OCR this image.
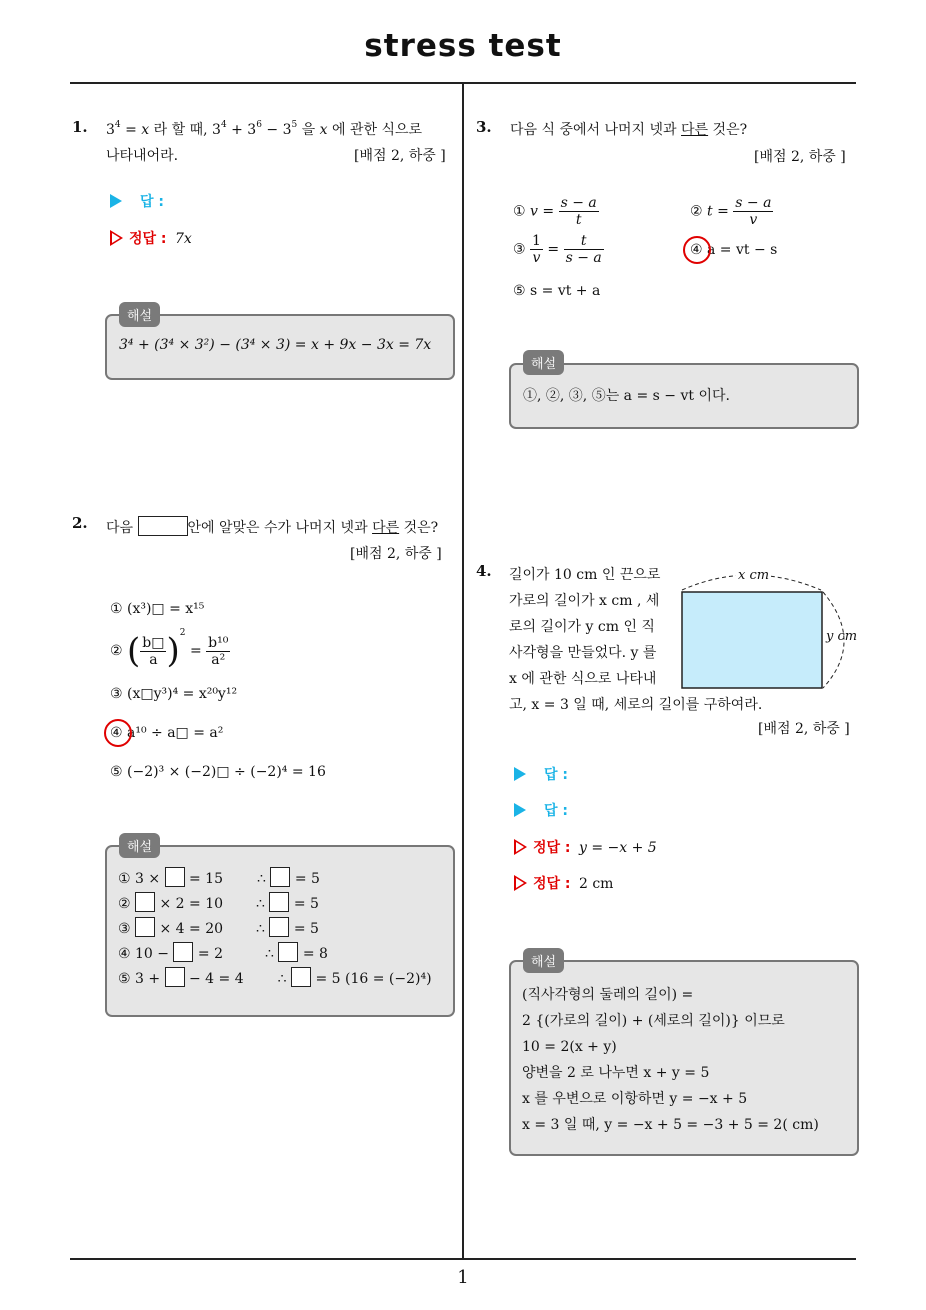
stress test
1
1. $3^4 = x$ 라 할 때, $3^4 + 3^6 - 3^5$ 을 x 에 관한 식으로
나타내어라.	[배점 2, 하중 ]
답 :
정답 : 7x
해설
3⁴ + (3⁴ × 3²) − (3⁴ × 3) = x + 9x − 3x = 7x
2. 다음	안에 알맞은 수가 나머지 넷과 다른 것은?
[배점 2, 하중 ]
① (x³)□ = x¹⁵
② ( $\frac{b□}{a} )^2 = \frac{\text{b¹⁰}}{\text{a²}}$
③ (x□y³)⁴ = x²⁰y¹²
④ a¹⁰ ÷ a□ = a²
⑤ (−2)³ × (−2)□ ÷ (−2)⁴ = 16
해설
① 3 × = 15 ∴ = 5
② × 2 = 10 ∴ = 5
③ × 4 = 20 ∴ = 5
④ 10 − = 2	∴ = 8
⑤ 3 + − 4 = 4 ∴ = 5 (16 = (−2)⁴)
3. 다음 식 중에서 나머지 넷과 다른 것은?
[배점 2, 하중 ]
① $v = \frac{s - a}{t}$	② $t = \frac{s - a}{v}$
③ $\frac{1}{v} = \frac{t}{s - a}$	④ a = vt − s
⑤ s = vt + a
해설
①, ②, ③, ⑤는 a = s − vt 이다.
4. 길이가 10 cm 인 끈으로
가로의 길이가 x cm , 세
로의 길이가 y cm 인 직
사각형을 만들었다. y 를
x 에 관한 식으로 나타내
고, x = 3 일 때, 세로의 길이를 구하여라.
[배점 2, 하중 ]
x cm
y cm
답 :
답 :
정답 : y = −x + 5
정답 : 2 cm
해설
(직사각형의 둘레의 길이) =
2 {(가로의 길이) + (세로의 길이)} 이므로
10 = 2(x + y)
양변을 2 로 나누면 x + y = 5
x 를 우변으로 이항하면 y = −x + 5
x = 3 일 때, y = −x + 5 = −3 + 5 = 2( cm)
